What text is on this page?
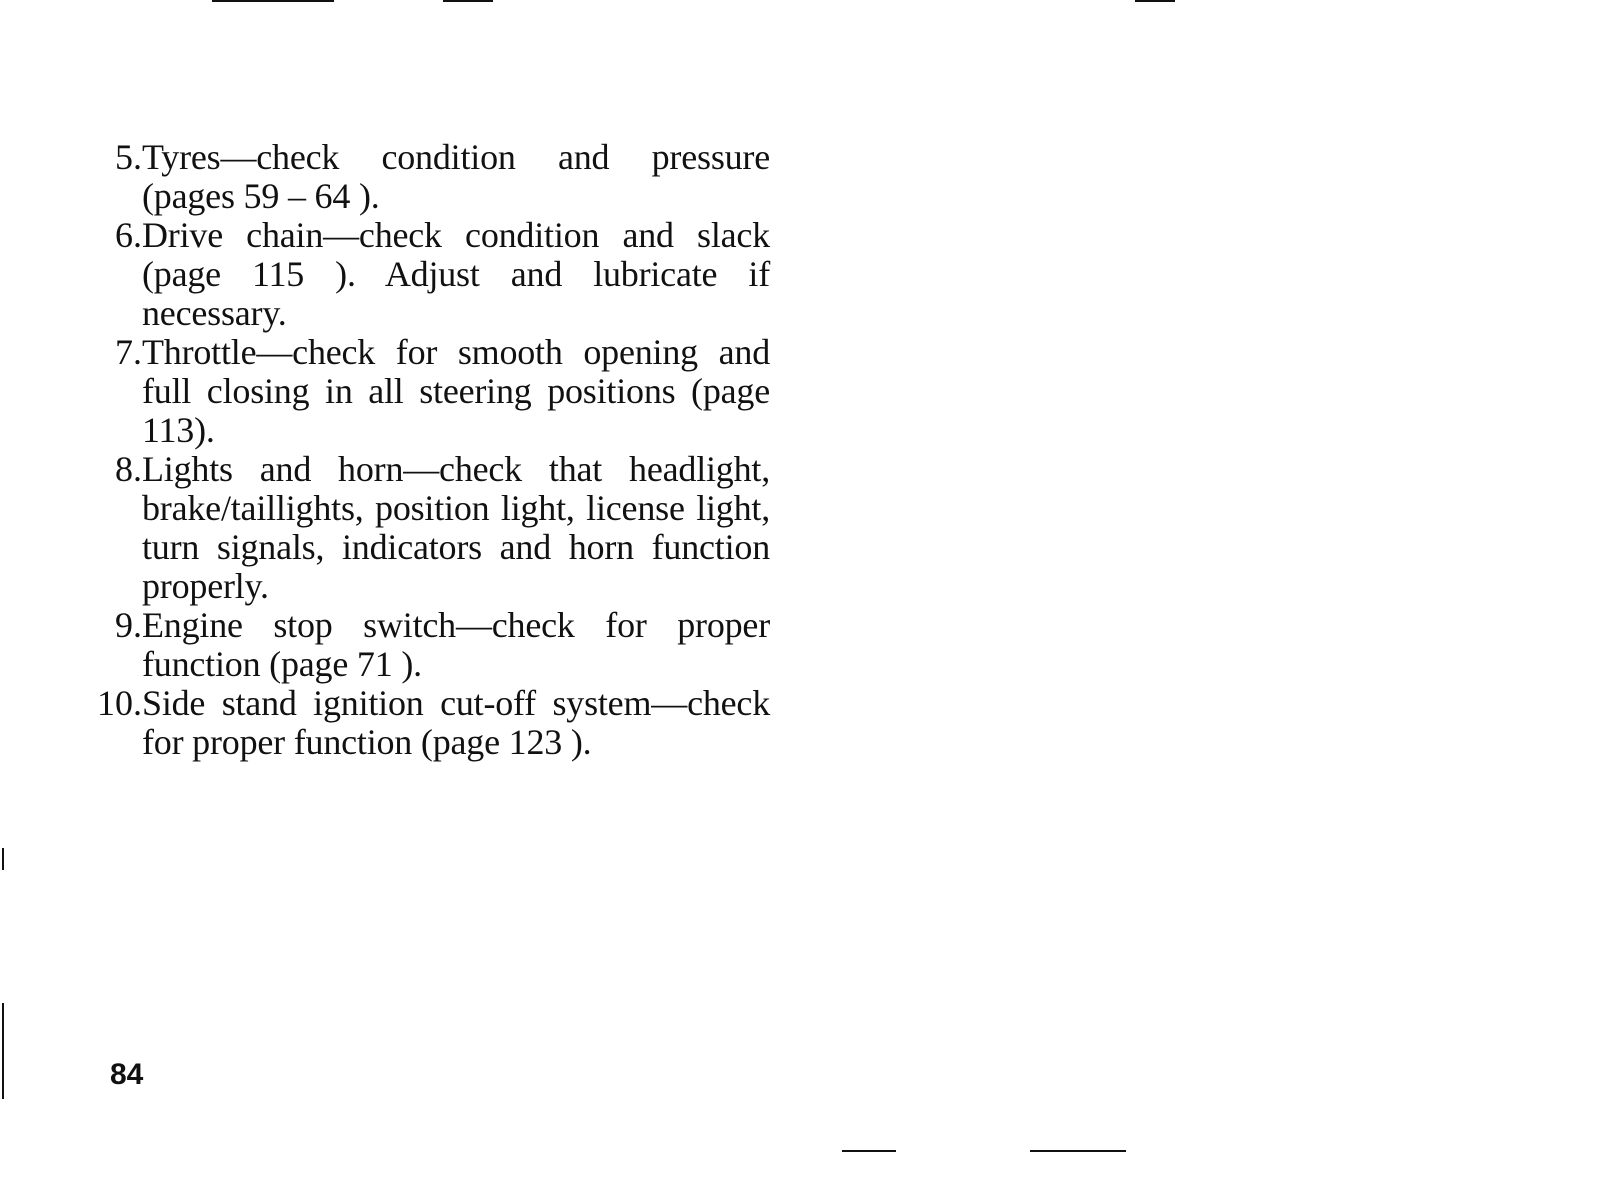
5. Tyres—check condition and pressure (pages 59 – 64 ).
6. Drive chain—check condition and slack (page 115 ). Adjust and lubricate if necessary.
7. Throttle—check for smooth opening and full closing in all steering positions (page 113).
8. Lights and horn—check that headlight, brake/taillights, position light, license light, turn signals, indicators and horn function properly.
9. Engine stop switch—check for proper function (page 71 ).
10. Side stand ignition cut-off system—check for proper function (page 123 ).
84
